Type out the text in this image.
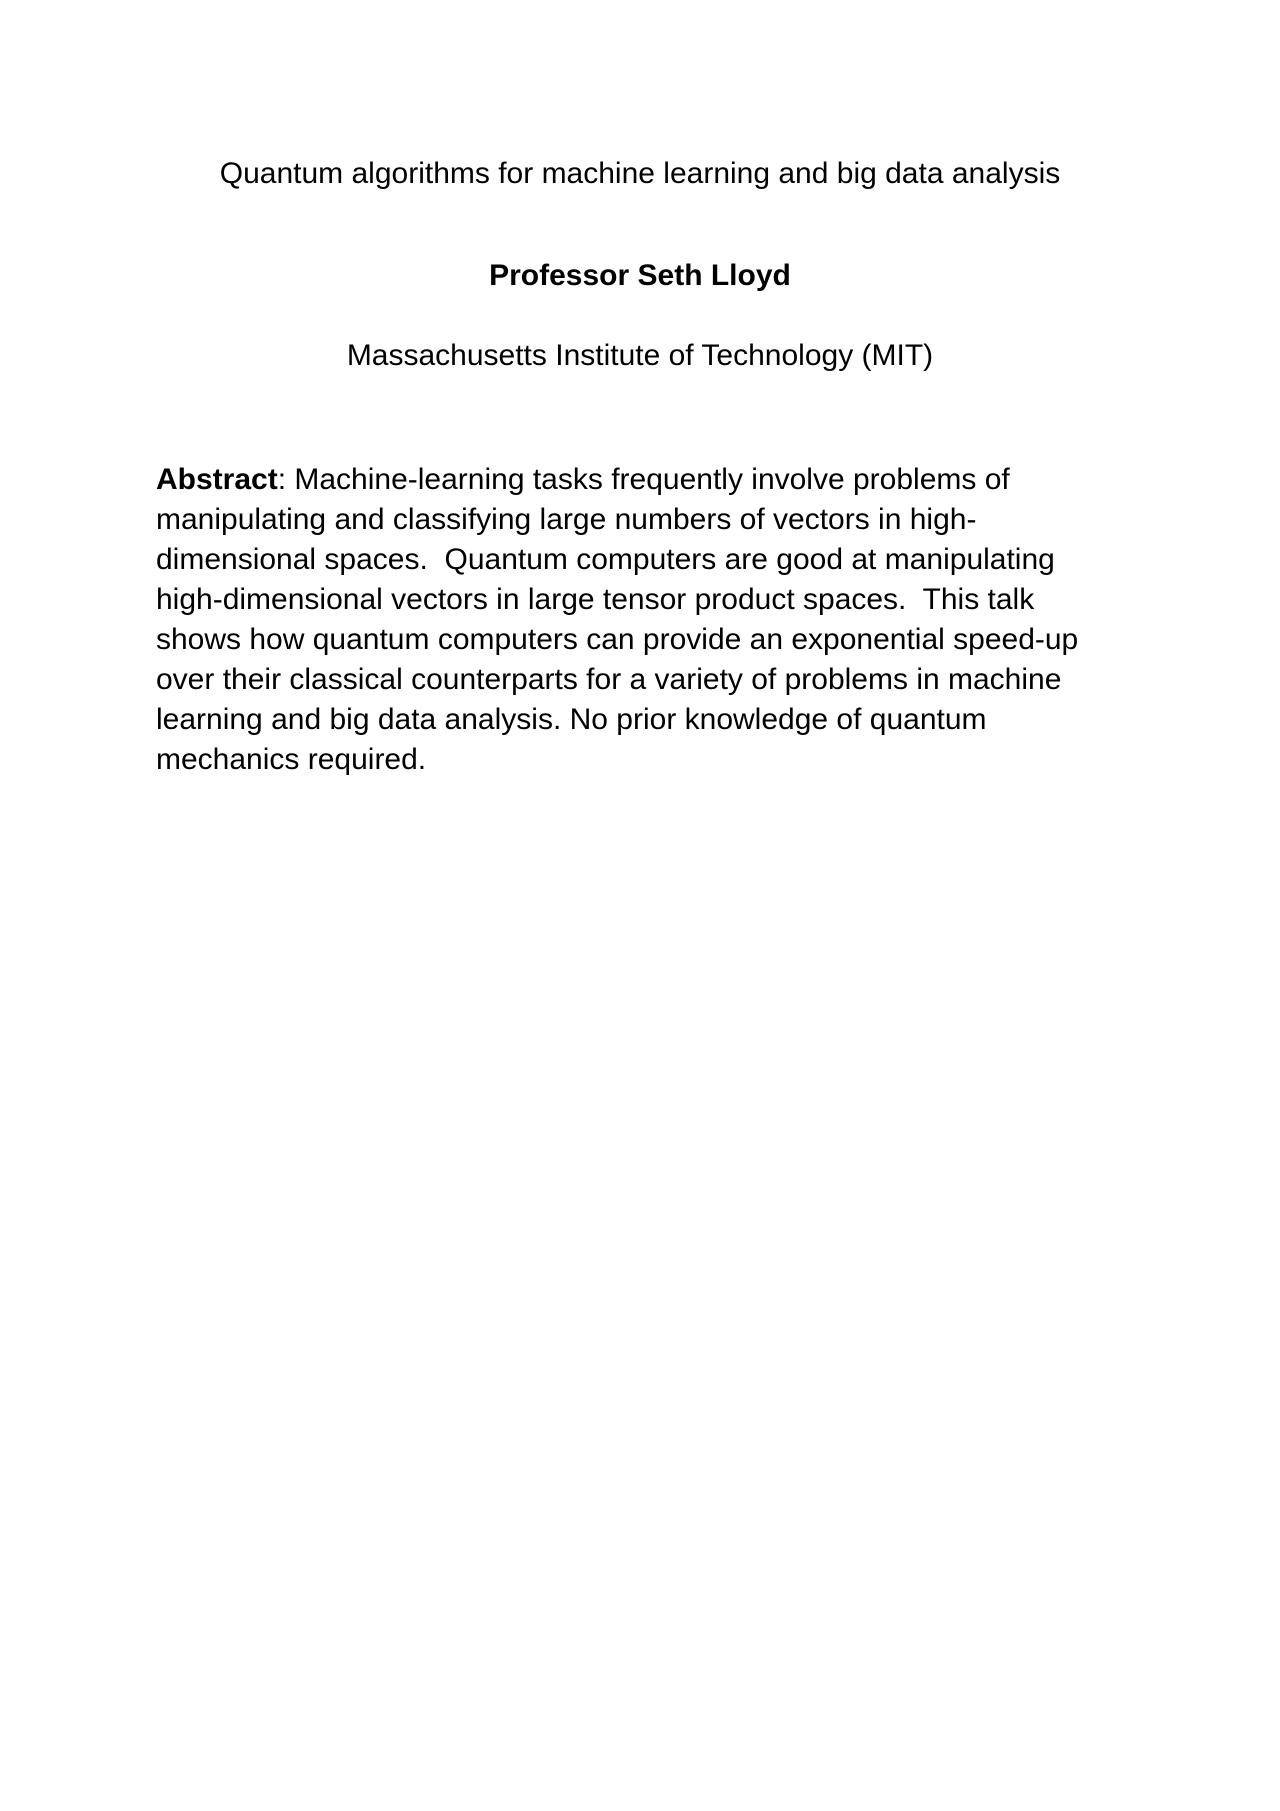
Quantum algorithms for machine learning and big data analysis
Professor Seth Lloyd
Massachusetts Institute of Technology (MIT)
Abstract: Machine-learning tasks frequently involve problems of
manipulating and classifying large numbers of vectors in high-
dimensional spaces.  Quantum computers are good at manipulating
high-dimensional vectors in large tensor product spaces.  This talk
shows how quantum computers can provide an exponential speed-up
over their classical counterparts for a variety of problems in machine
learning and big data analysis. No prior knowledge of quantum
mechanics required.
